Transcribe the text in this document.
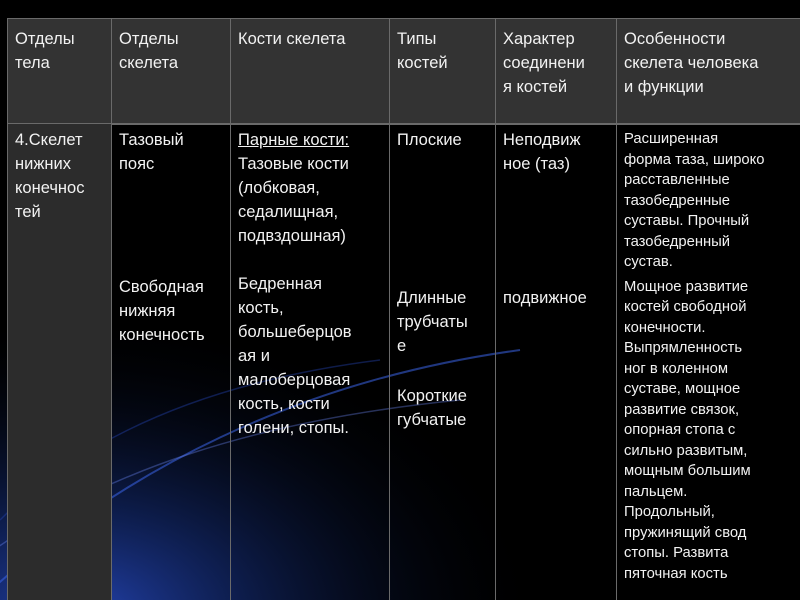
Отделы
тела
Отделы
скелета
Кости скелета	Типы
костей
Характер
соединени
я костей
Особенности
скелета человека
и функции
4.Скелет
нижних
конечнос
тей
Тазовый
пояс
Свободная
нижняя
конечность
Парные кости:
Тазовые кости
(лобковая,
седалищная,
подвздошная)
Бедренная
кость,
большеберцов
ая и
малоберцовая
кость, кости
голени, стопы.
Плоские
Длинные
трубчаты
е
Короткие
губчатые
Неподвиж
ное (таз)
подвижное
Расширенная
форма таза, широко
расставленные
тазобедренные
суставы. Прочный
тазобедренный
сустав.
Мощное развитие
костей свободной
конечности.
Выпрямленность
ног в коленном
суставе, мощное
развитие связок,
опорная стопа с
сильно развитым,
мощным большим
пальцем.
Продольный,
пружинящий свод
стопы. Развита
пяточная кость
